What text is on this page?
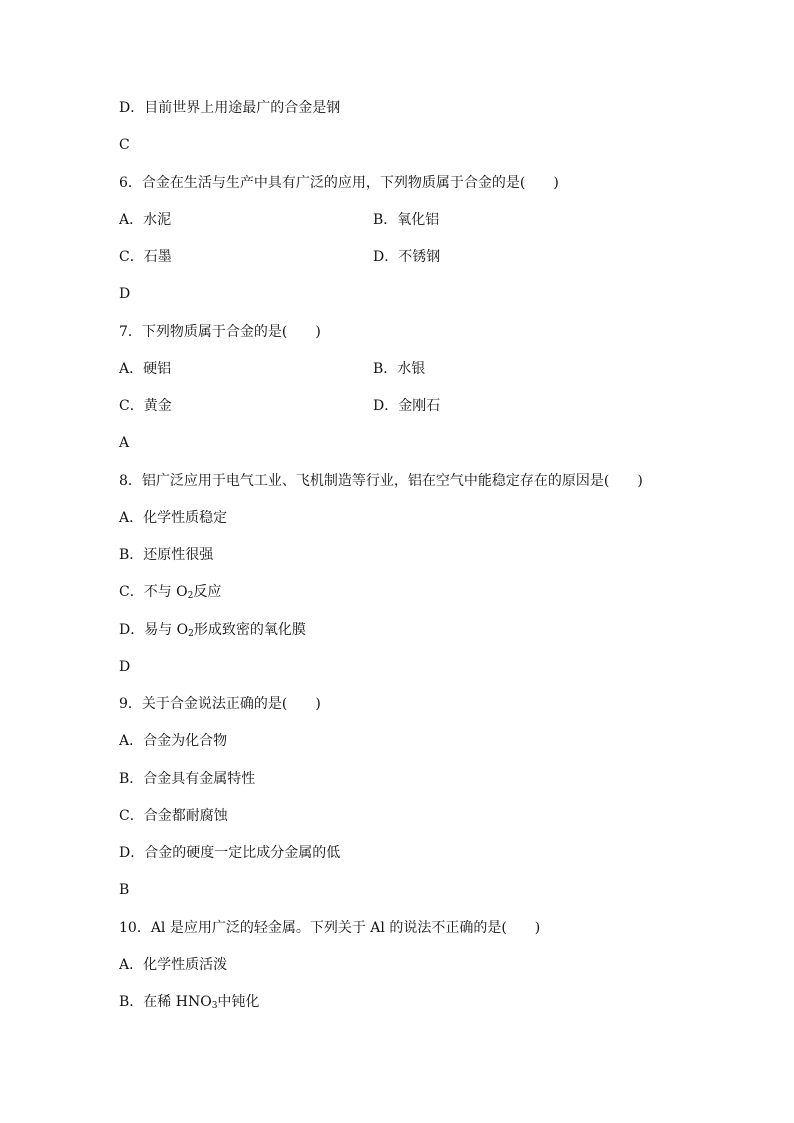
D．目前世界上用途最广的合金是钢
C
6．合金在生活与生产中具有广泛的应用，下列物质属于合金的是(　　)
A．水泥	B．氧化铝
C．石墨	D．不锈钢
D
7．下列物质属于合金的是(　　)
A．硬铝	B．水银
C．黄金	D．金刚石
A
8．铝广泛应用于电气工业、飞机制造等行业，铝在空气中能稳定存在的原因是(　　)
A．化学性质稳定
B．还原性很强
C．不与 $O_2$反应
D．易与 $O_2$形成致密的氧化膜
D
9．关于合金说法正确的是(　　)
A．合金为化合物
B．合金具有金属特性
C．合金都耐腐蚀
D．合金的硬度一定比成分金属的低
B
10．Al 是应用广泛的轻金属。下列关于 Al 的说法不正确的是(　　)
A．化学性质活泼
B．在稀 $HNO_3$中钝化
